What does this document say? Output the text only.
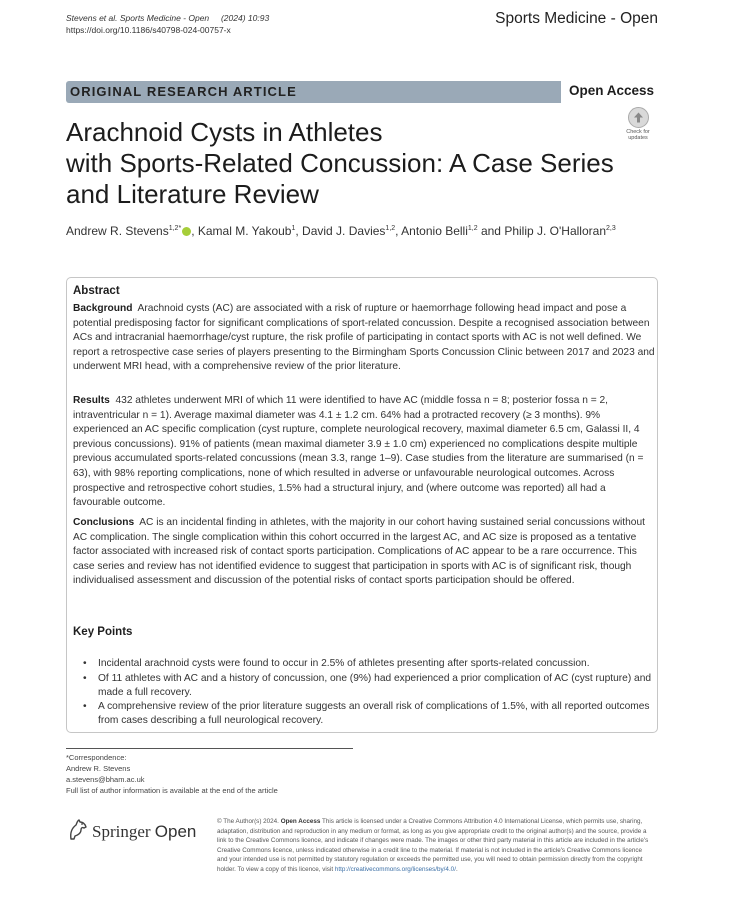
Stevens et al. Sports Medicine - Open (2024) 10:93
https://doi.org/10.1186/s40798-024-00757-x
Sports Medicine - Open
ORIGINAL RESEARCH ARTICLE	Open Access
Check for
updates
Arachnoid Cysts in Athletes
with Sports-Related Concussion: A Case Series
and Literature Review
Andrew R. Stevens$^{1,2*}$ , Kamal M. Yakoub$^1$, David J. Davies$^{1,2}$, Antonio Belli$^{1,2}$ and Philip J. O'Halloran$^{2,3}$
Abstract

Background Arachnoid cysts (AC) are associated with a risk of rupture or haemorrhage following head impact and pose a potential predisposing factor for significant complications of sport-related concussion. Despite a recognised association between ACs and intracranial haemorrhage/cyst rupture, the risk profile of participating in contact sports with AC is not well defined. We report a retrospective case series of players presenting to the Birmingham Sports Concussion Clinic between 2017 and 2023 and underwent MRI head, with a comprehensive review of the prior literature.

Results 432 athletes underwent MRI of which 11 were identified to have AC (middle fossa n = 8; posterior fossa n = 2, intraventricular n = 1). Average maximal diameter was 4.1 ± 1.2 cm. 64% had a protracted recovery (≥ 3 months). 9% experienced an AC specific complication (cyst rupture, complete neurological recovery, maximal diameter 6.5 cm, Galassi II, 4 previous concussions). 91% of patients (mean maximal diameter 3.9 ± 1.0 cm) experienced no complications despite multiple previous accumulated sports-related concussions (mean 3.3, range 1–9). Case studies from the literature are summarised (n = 63), with 98% reporting complications, none of which resulted in adverse or unfavourable neurological outcomes. Across prospective and retrospective cohort studies, 1.5% had a structural injury, and (where outcome was reported) all had a favourable outcome.

Conclusions AC is an incidental finding in athletes, with the majority in our cohort having sustained serial concussions without AC complication. The single complication within this cohort occurred in the largest AC, and AC size is proposed as a tentative factor associated with increased risk of contact sports participation. Complications of AC appear to be a rare occurrence. This case series and review has not identified evidence to suggest that participation in sports with AC is of significant risk, though individualised assessment and discussion of the potential risks of contact sports participation should be offered.

Key Points
• Incidental arachnoid cysts were found to occur in 2.5% of athletes presenting after sports-related concussion.
• Of 11 athletes with AC and a history of concussion, one (9%) had experienced a prior complication of AC (cyst rupture) and made a full recovery.
• A comprehensive review of the prior literature suggests an overall risk of complications of 1.5%, with all reported outcomes from cases describing a full neurological recovery.
*Correspondence:
Andrew R. Stevens
a.stevens@bham.ac.uk
Full list of author information is available at the end of the article
Springer Open
© The Author(s) 2024. Open Access This article is licensed under a Creative Commons Attribution 4.0 International License, which permits use, sharing, adaptation, distribution and reproduction in any medium or format, as long as you give appropriate credit to the original author(s) and the source, provide a link to the Creative Commons licence, and indicate if changes were made. The images or other third party material in this article are included in the article's Creative Commons licence, unless indicated otherwise in a credit line to the material. If material is not included in the article's Creative Commons licence and your intended use is not permitted by statutory regulation or exceeds the permitted use, you will need to obtain permission directly from the copyright holder. To view a copy of this licence, visit http://creativecommons.org/licenses/by/4.0/.
